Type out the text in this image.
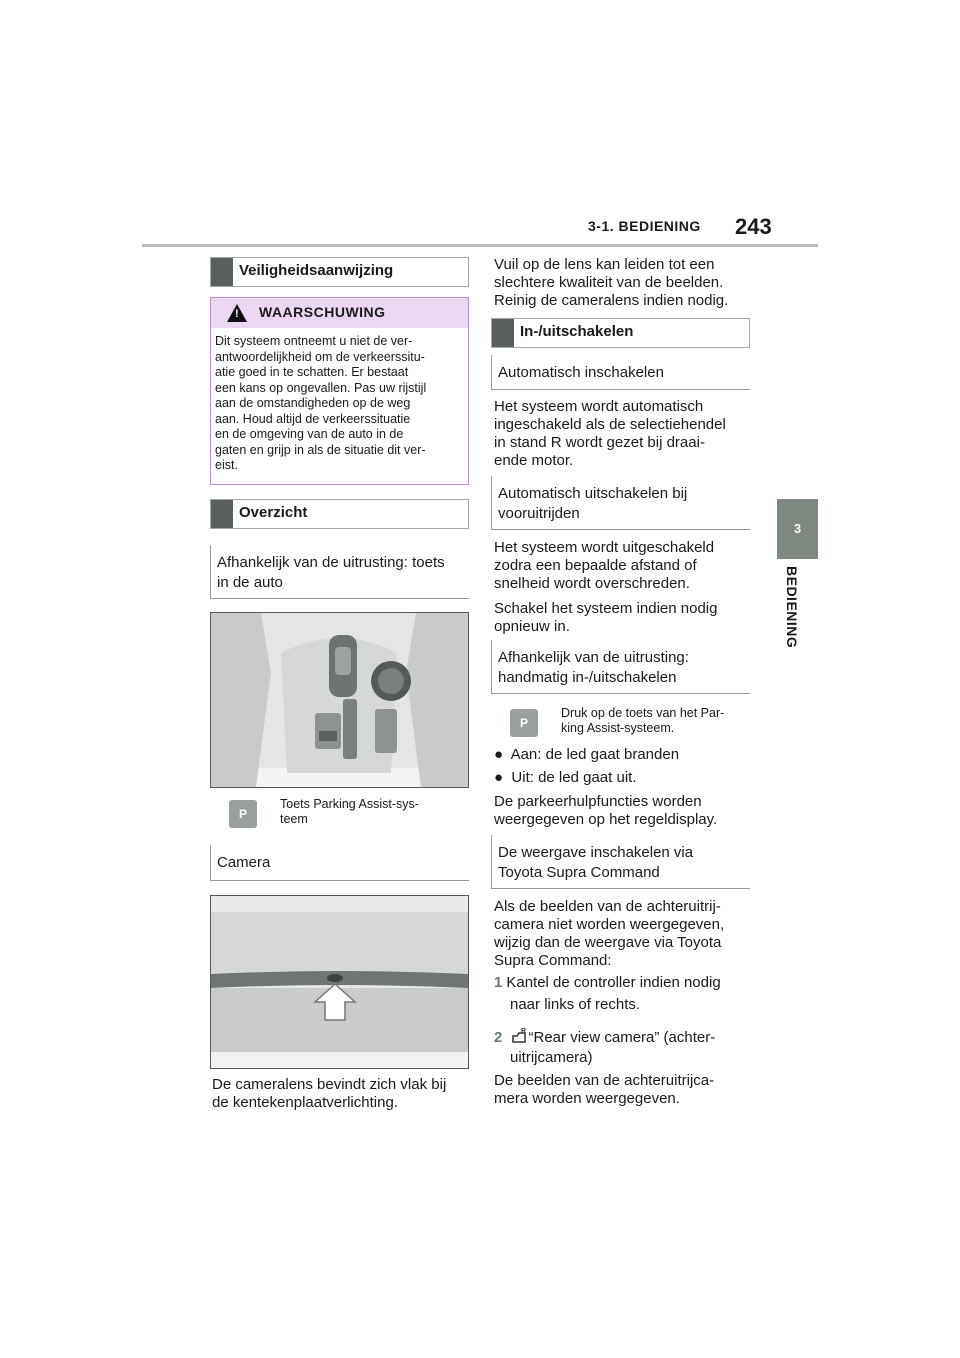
3-1. BEDIENING 243
3
BEDIENING
Veiligheidsaanwijzing
!
WAARSCHUWING
Dit systeem ontneemt u niet de ver-
antwoordelijkheid om de verkeerssitu-
atie goed in te schatten. Er bestaat
een kans op ongevallen. Pas uw rijstijl
aan de omstandigheden op de weg
aan. Houd altijd de verkeerssituatie
en de omgeving van de auto in de
gaten en grijp in als de situatie dit ver-
eist.
Overzicht
Afhankelijk van de uitrusting: toets
in de auto
P
Toets Parking Assist-sys-
teem
Camera
De cameralens bevindt zich vlak bij
de kentekenplaatverlichting.
Vuil op de lens kan leiden tot een
slechtere kwaliteit van de beelden.
Reinig de cameralens indien nodig.
In-/uitschakelen
Automatisch inschakelen
Het systeem wordt automatisch
ingeschakeld als de selectiehendel
in stand R wordt gezet bij draai-
ende motor.
Automatisch uitschakelen bij
vooruitrijden
Het systeem wordt uitgeschakeld
zodra een bepaalde afstand of
snelheid wordt overschreden.
Schakel het systeem indien nodig
opnieuw in.
Afhankelijk van de uitrusting:
handmatig in-/uitschakelen
P
Druk op de toets van het Par-
king Assist-systeem.
● Aan: de led gaat branden
● Uit: de led gaat uit.
De parkeerhulpfuncties worden
weergegeven op het regeldisplay.
De weergave inschakelen via
Toyota Supra Command
Als de beelden van de achteruitrij-
camera niet worden weergegeven,
wijzig dan de weergave via Toyota
Supra Command:
1 Kantel de controller indien nodig
naar links of rechts.
2	R “Rear view camera” (achter-
uitrijcamera)
De beelden van de achteruitrijca-
mera worden weergegeven.
